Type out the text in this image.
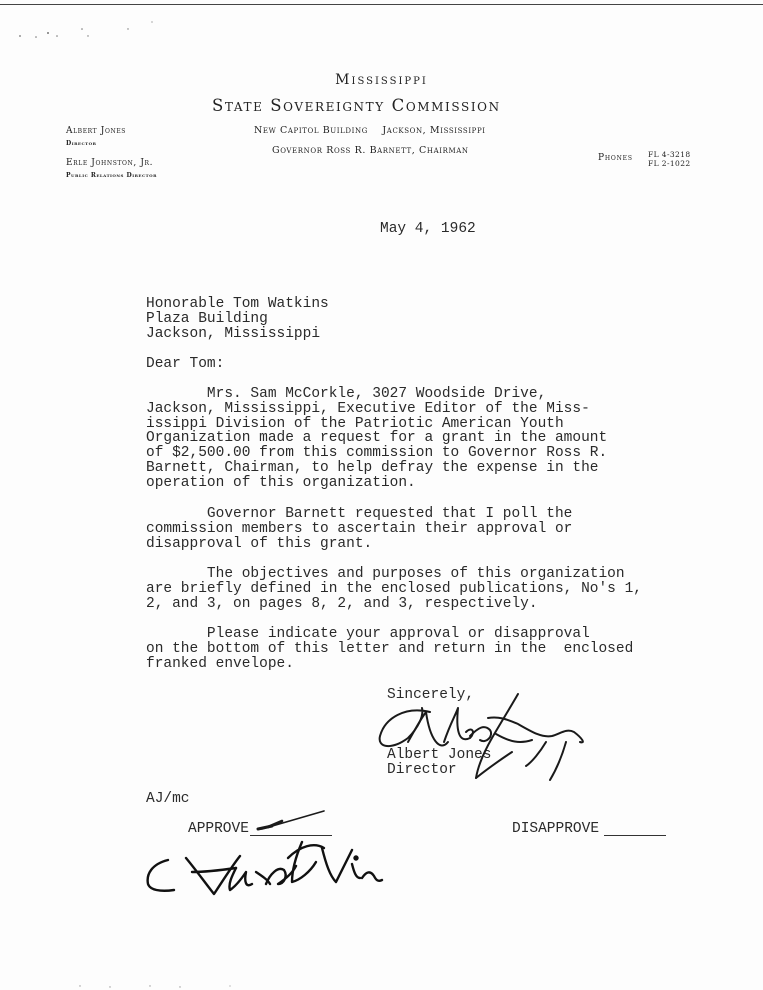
Mississippi
State Sovereignty Commission
New Capitol Building    Jackson, Mississippi
Governor Ross R. Barnett, Chairman
Albert Jones
Director
Erle Johnston, Jr.
Public Relations Director
Phones FL 4-3218
FL 2-1022
May 4, 1962
Honorable Tom Watkins
Plaza Building
Jackson, Mississippi
Dear Tom:
Mrs. Sam McCorkle, 3027 Woodside Drive,
Jackson, Mississippi, Executive Editor of the Miss-
issippi Division of the Patriotic American Youth
Organization made a request for a grant in the amount
of $2,500.00 from this commission to Governor Ross R.
Barnett, Chairman, to help defray the expense in the
operation of this organization.
Governor Barnett requested that I poll the
commission members to ascertain their approval or
disapproval of this grant.
The objectives and purposes of this organization
are briefly defined in the enclosed publications, No's 1,
2, and 3, on pages 8, 2, and 3, respectively.
Please indicate your approval or disapproval
on the bottom of this letter and return in the  enclosed
franked envelope.
Sincerely,
Albert Jones
Director
AJ/mc
APPROVE	DISAPPROVE
